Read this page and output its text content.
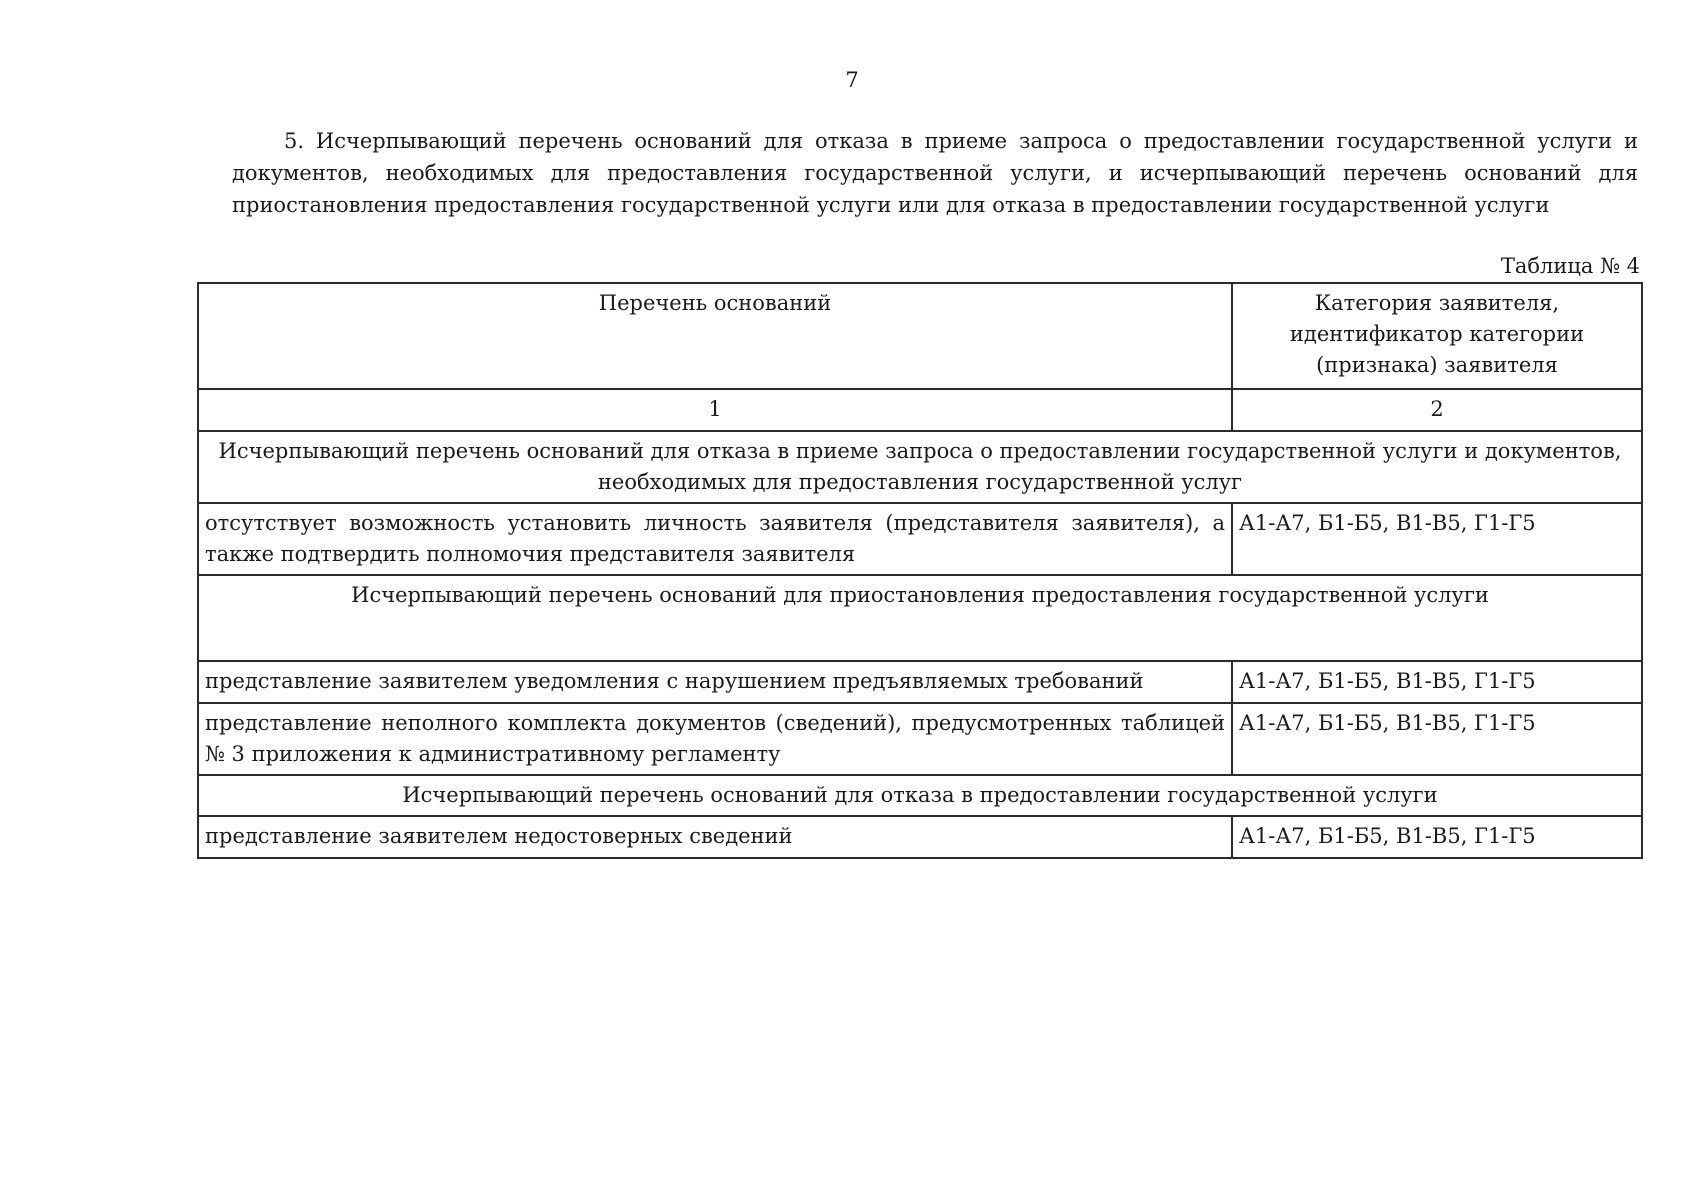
7
5. Исчерпывающий перечень оснований для отказа в приеме запроса о предоставлении государственной услуги и документов, необходимых для предоставления государственной услуги, и исчерпывающий перечень оснований для приостановления предоставления государственной услуги или для отказа в предоставлении государственной услуги
Таблица № 4
Перечень оснований	Категория заявителя, идентификатор категории (признака) заявителя
1	2
Исчерпывающий перечень оснований для отказа в приеме запроса о предоставлении государственной услуги и документов, необходимых для предоставления государственной услуг	
отсутствует возможность установить личность заявителя (представителя заявителя), а также подтвердить полномочия представителя заявителя	А1-А7, Б1-Б5, В1-В5, Г1-Г5
Исчерпывающий перечень оснований для приостановления предоставления государственной услуги	
представление заявителем уведомления с нарушением предъявляемых требований	А1-А7, Б1-Б5, В1-В5, Г1-Г5
представление неполного комплекта документов (сведений), предусмотренных таблицей № 3 приложения к административному регламенту	А1-А7, Б1-Б5, В1-В5, Г1-Г5
Исчерпывающий перечень оснований для отказа в предоставлении государственной услуги	
представление заявителем недостоверных сведений	А1-А7, Б1-Б5, В1-В5, Г1-Г5
